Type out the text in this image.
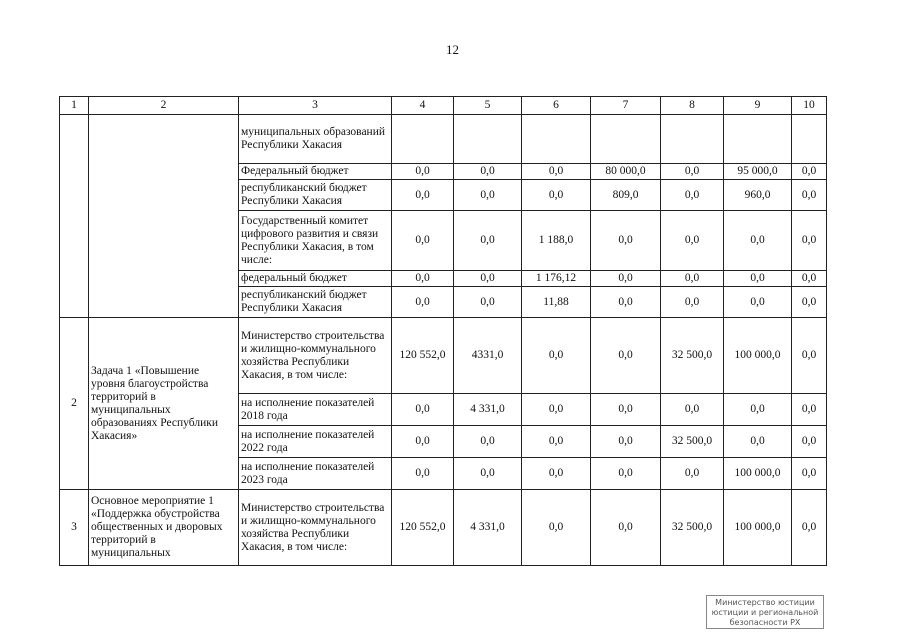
12
1	2	3	4	5	6	7	8	9	10
		муниципальных образований Республики Хакасия							
		Федеральный бюджет	0,0	0,0	0,0	80 000,0	0,0	95 000,0	0,0
		республиканский бюджет Республики Хакасия	0,0	0,0	0,0	809,0	0,0	960,0	0,0
		Государственный комитет цифрового развития и связи Республики Хакасия, в том числе:	0,0	0,0	1 188,0	0,0	0,0	0,0	0,0
		федеральный бюджет	0,0	0,0	1 176,12	0,0	0,0	0,0	0,0
		республиканский бюджет Республики Хакасия	0,0	0,0	11,88	0,0	0,0	0,0	0,0
2	Задача 1 «Повышение уровня благоустройства территорий в муниципальных образованиях Республики Хакасия»	Министерство строительства и жилищно-коммунального хозяйства Республики Хакасия, в том числе:	120 552,0	4331,0	0,0	0,0	32 500,0	100 000,0	0,0
		на исполнение показателей 2018 года	0,0	4 331,0	0,0	0,0	0,0	0,0	0,0
		на исполнение показателей 2022 года	0,0	0,0	0,0	0,0	32 500,0	0,0	0,0
		на исполнение показателей 2023 года	0,0	0,0	0,0	0,0	0,0	100 000,0	0,0
3	Основное мероприятие 1 «Поддержка обустройства общественных и дворовых территорий в муниципальных	Министерство строительства и жилищно-коммунального хозяйства Республики Хакасия, в том числе:	120 552,0	4 331,0	0,0	0,0	32 500,0	100 000,0	0,0
Министерство юстиции
юстиции и региональной
безопасности РХ
